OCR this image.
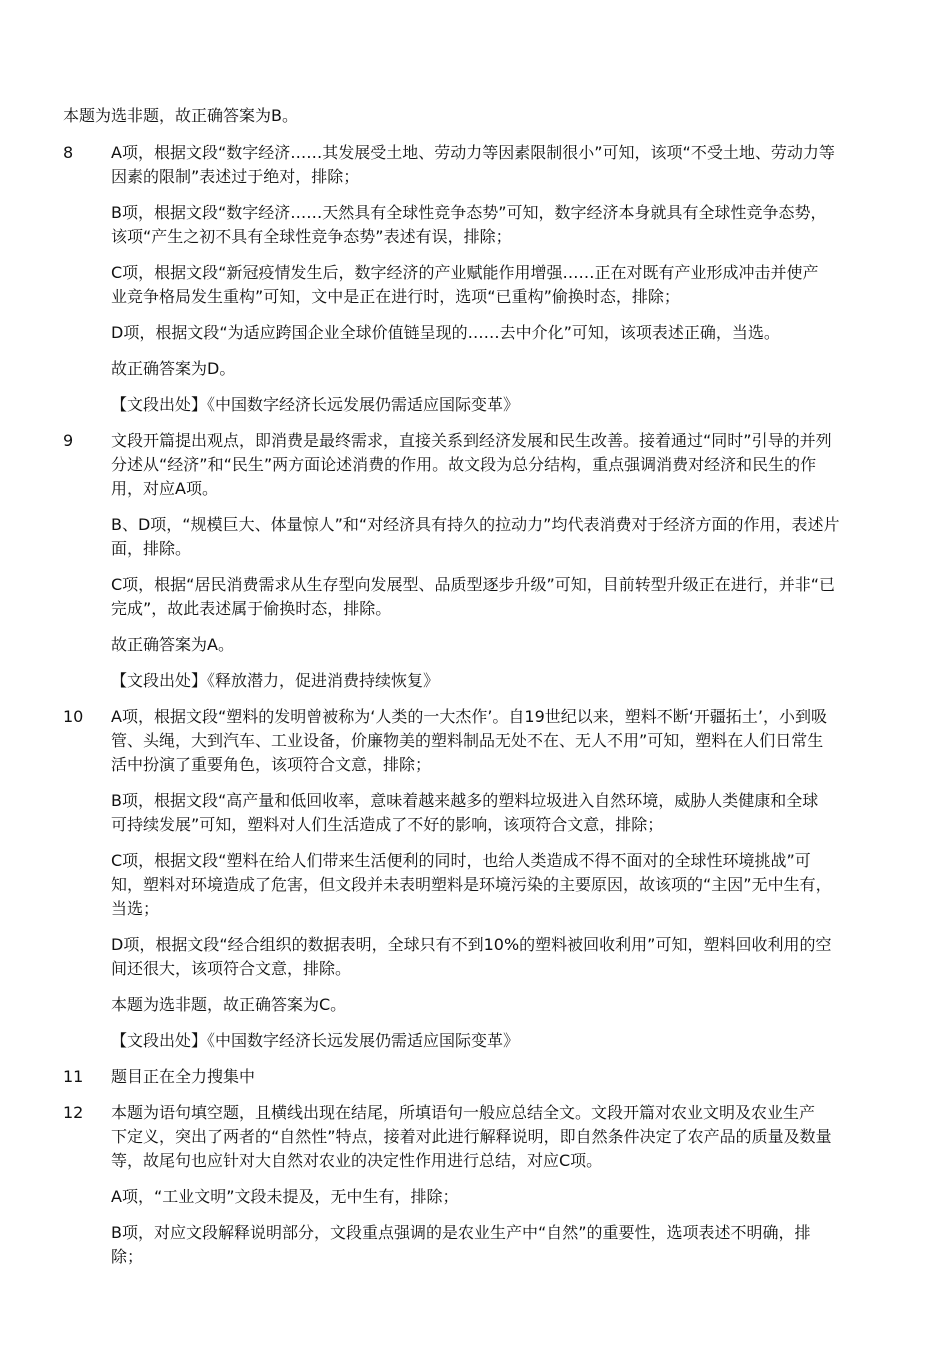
本题为选非题，故正确答案为B。
8 A项，根据文段“数字经济……其发展受土地、劳动力等因素限制很小”可知，该项“不受土地、劳动力等
因素的限制”表述过于绝对，排除；
B项，根据文段“数字经济……天然具有全球性竞争态势”可知，数字经济本身就具有全球性竞争态势，
该项“产生之初不具有全球性竞争态势”表述有误，排除；
C项，根据文段“新冠疫情发生后，数字经济的产业赋能作用增强……正在对既有产业形成冲击并使产
业竞争格局发生重构”可知，文中是正在进行时，选项“已重构”偷换时态，排除；
D项，根据文段“为适应跨国企业全球价值链呈现的……去中介化”可知，该项表述正确，当选。
故正确答案为D。
【文段出处】《中国数字经济长远发展仍需适应国际变革》
9 文段开篇提出观点，即消费是最终需求，直接关系到经济发展和民生改善。接着通过“同时”引导的并列
分述从“经济”和“民生”两方面论述消费的作用。故文段为总分结构，重点强调消费对经济和民生的作
用，对应A项。
B、D项，“规模巨大、体量惊人”和“对经济具有持久的拉动力”均代表消费对于经济方面的作用，表述片
面，排除。
C项，根据“居民消费需求从生存型向发展型、品质型逐步升级”可知，目前转型升级正在进行，并非“已
完成”，故此表述属于偷换时态，排除。
故正确答案为A。
【文段出处】《释放潜力，促进消费持续恢复》
10 A项，根据文段“塑料的发明曾被称为‘人类的一大杰作’。自19世纪以来，塑料不断‘开疆拓土’，小到吸
管、头绳，大到汽车、工业设备，价廉物美的塑料制品无处不在、无人不用”可知，塑料在人们日常生
活中扮演了重要角色，该项符合文意，排除；
B项，根据文段“高产量和低回收率，意味着越来越多的塑料垃圾进入自然环境，威胁人类健康和全球
可持续发展”可知，塑料对人们生活造成了不好的影响，该项符合文意，排除；
C项，根据文段“塑料在给人们带来生活便利的同时，也给人类造成不得不面对的全球性环境挑战”可
知，塑料对环境造成了危害，但文段并未表明塑料是环境污染的主要原因，故该项的“主因”无中生有，
当选；
D项，根据文段“经合组织的数据表明，全球只有不到10%的塑料被回收利用”可知，塑料回收利用的空
间还很大，该项符合文意，排除。
本题为选非题，故正确答案为C。
【文段出处】《中国数字经济长远发展仍需适应国际变革》
11 题目正在全力搜集中
12 本题为语句填空题，且横线出现在结尾，所填语句一般应总结全文。文段开篇对农业文明及农业生产
下定义，突出了两者的“自然性”特点，接着对此进行解释说明，即自然条件决定了农产品的质量及数量
等，故尾句也应针对大自然对农业的决定性作用进行总结，对应C项。
A项，“工业文明”文段未提及，无中生有，排除；
B项，对应文段解释说明部分，文段重点强调的是农业生产中“自然”的重要性，选项表述不明确，排
除；
